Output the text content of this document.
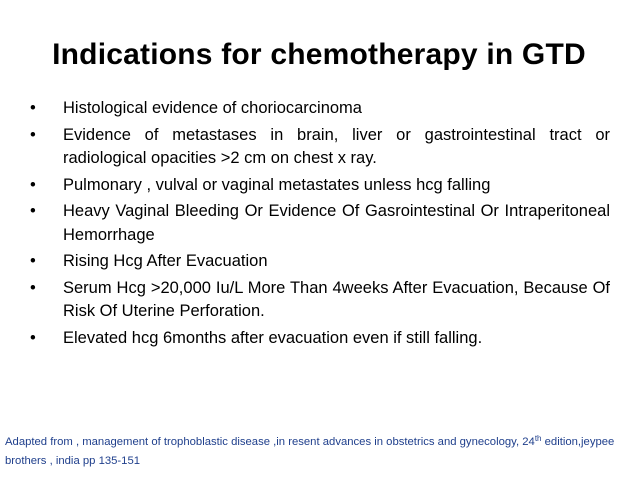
Indications for chemotherapy in GTD
• Histological evidence of choriocarcinoma
• Evidence of metastases in brain, liver or gastrointestinal tract or radiological opacities >2 cm on chest x ray.
• Pulmonary , vulval or vaginal metastates unless hcg falling
• Heavy Vaginal Bleeding Or Evidence Of Gasrointestinal Or Intraperitoneal Hemorrhage
• Rising Hcg After Evacuation
• Serum Hcg >20,000 Iu/L More Than 4weeks After Evacuation, Because Of Risk Of Uterine Perforation.
• Elevated hcg 6months after evacuation even if still falling.
Adapted from , management of trophoblastic disease ,in resent advances in obstetrics and gynecology, 24th edition,jeypee brothers , india pp 135-151
